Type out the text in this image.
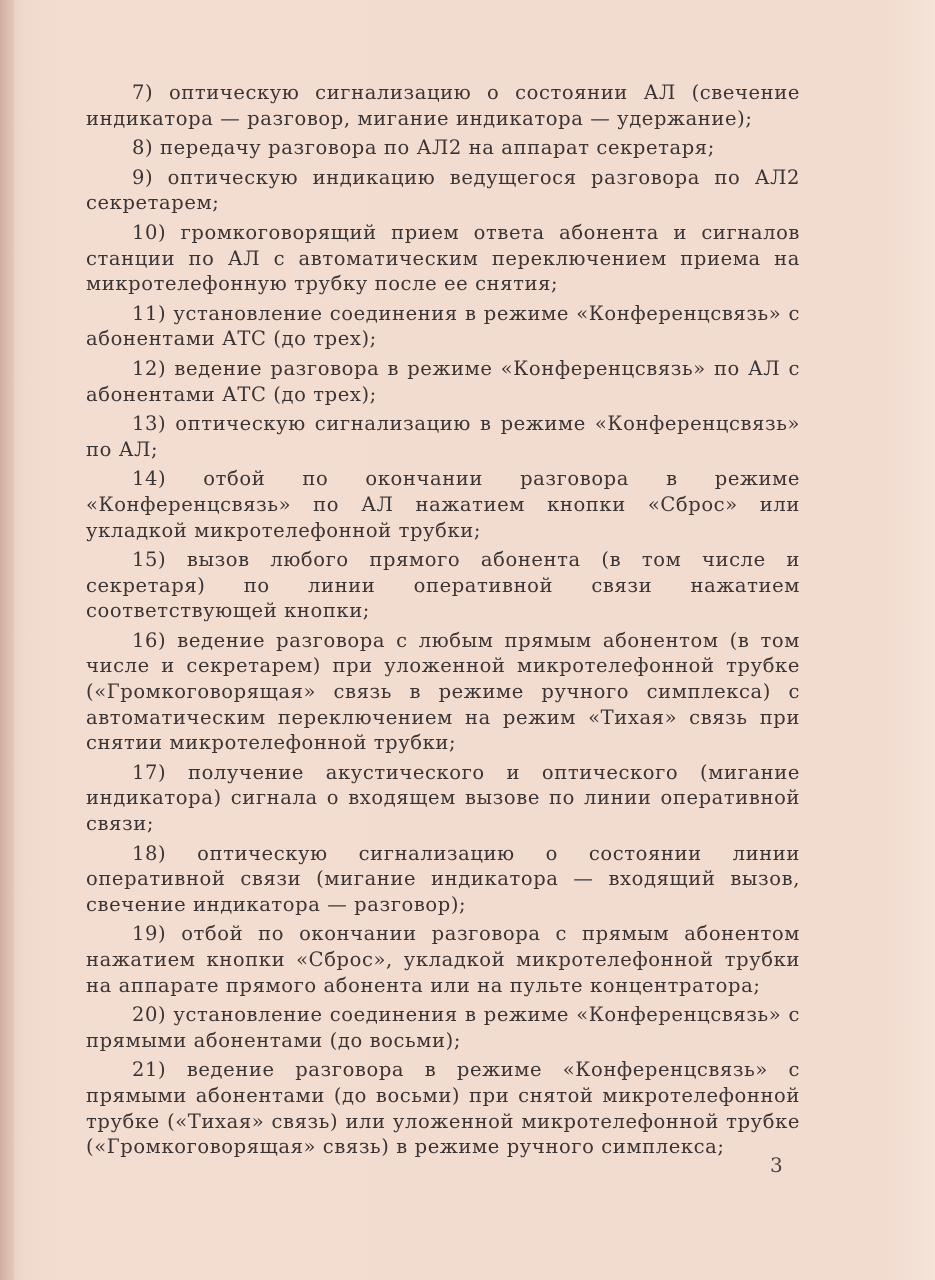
7) оптическую сигнализацию о состоянии АЛ (свечение индикатора — разговор, мигание индикатора — удержание);

8) передачу разговора по АЛ2 на аппарат секретаря;

9) оптическую индикацию ведущегося разговора по АЛ2 секретарем;

10) громкоговорящий прием ответа абонента и сигналов станции по АЛ с автоматическим переключением приема на микротелефонную трубку после ее снятия;

11) установление соединения в режиме «Конференцсвязь» с абонентами АТС (до трех);

12) ведение разговора в режиме «Конференцсвязь» по АЛ с абонентами АТС (до трех);

13) оптическую сигнализацию в режиме «Конференцсвязь» по АЛ;

14) отбой по окончании разговора в режиме «Конференцсвязь» по АЛ нажатием кнопки «Сброс» или укладкой микротелефонной трубки;

15) вызов любого прямого абонента (в том числе и секретаря) по линии оперативной связи нажатием соответствующей кнопки;

16) ведение разговора с любым прямым абонентом (в том числе и секретарем) при уложенной микротелефонной трубке («Громкоговорящая» связь в режиме ручного симплекса) с автоматическим переключением на режим «Тихая» связь при снятии микротелефонной трубки;

17) получение акустического и оптического (мигание индикатора) сигнала о входящем вызове по линии оперативной связи;

18) оптическую сигнализацию о состоянии линии оперативной связи (мигание индикатора — входящий вызов, свечение индикатора — разговор);

19) отбой по окончании разговора с прямым абонентом нажатием кнопки «Сброс», укладкой микротелефонной трубки на аппарате прямого абонента или на пульте концентратора;

20) установление соединения в режиме «Конференцсвязь» с прямыми абонентами (до восьми);

21) ведение разговора в режиме «Конференцсвязь» с прямыми абонентами (до восьми) при снятой микротелефонной трубке («Тихая» связь) или уложенной микротелефонной трубке («Громкоговорящая» связь) в режиме ручного симплекса;

3
